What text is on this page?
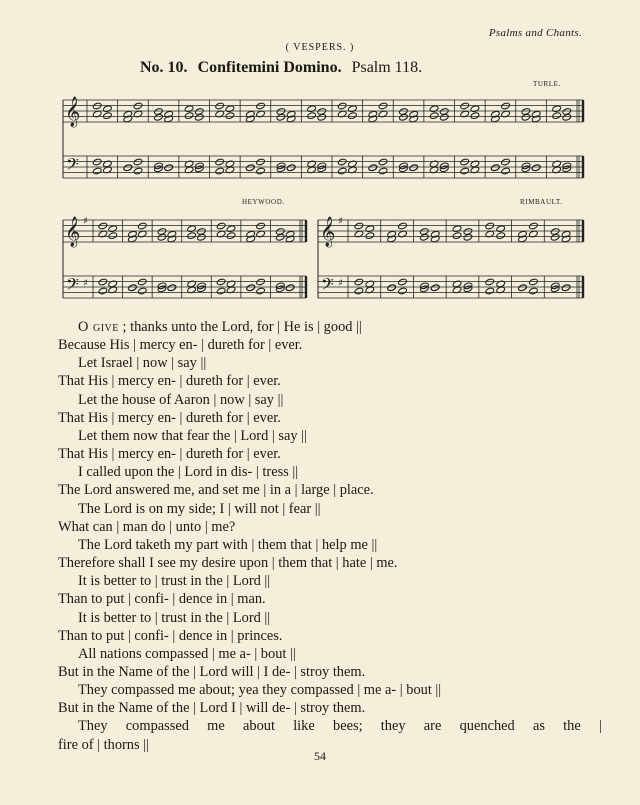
Psalms and Chants.
( VESPERS. )
No. 10. Confitemini Domino. Psalm 118.
TURLE.
HEYWOOD.	RIMBAULT.
𝄞
𝄢
𝄞 ♯
𝄢 ♯
𝄞 ♯
𝄢 ♯
O give ; thanks unto the Lord, for | He is | good ||
Because His | mercy en- | dureth for | ever.
Let Israel | now | say ||
That His | mercy en- | dureth for | ever.
Let the house of Aaron | now | say ||
That His | mercy en- | dureth for | ever.
Let them now that fear the | Lord | say ||
That His | mercy en- | dureth for | ever.
I called upon the | Lord in dis- | tress ||
The Lord answered me, and set me | in a | large | place.
The Lord is on my side; I | will not | fear ||
What can | man do | unto | me?
The Lord taketh my part with | them that | help me ||
Therefore shall I see my desire upon | them that | hate | me.
It is better to | trust in the | Lord ||
Than to put | confi- | dence in | man.
It is better to | trust in the | Lord ||
Than to put | confi- | dence in | princes.
All nations compassed | me a- | bout ||
But in the Name of the | Lord will | I de- | stroy them.
They compassed me about; yea they compassed | me a- | bout ||
But in the Name of the | Lord I | will de- | stroy them.
They compassed me about like bees; they are quenched as the |
fire of | thorns ||
54
